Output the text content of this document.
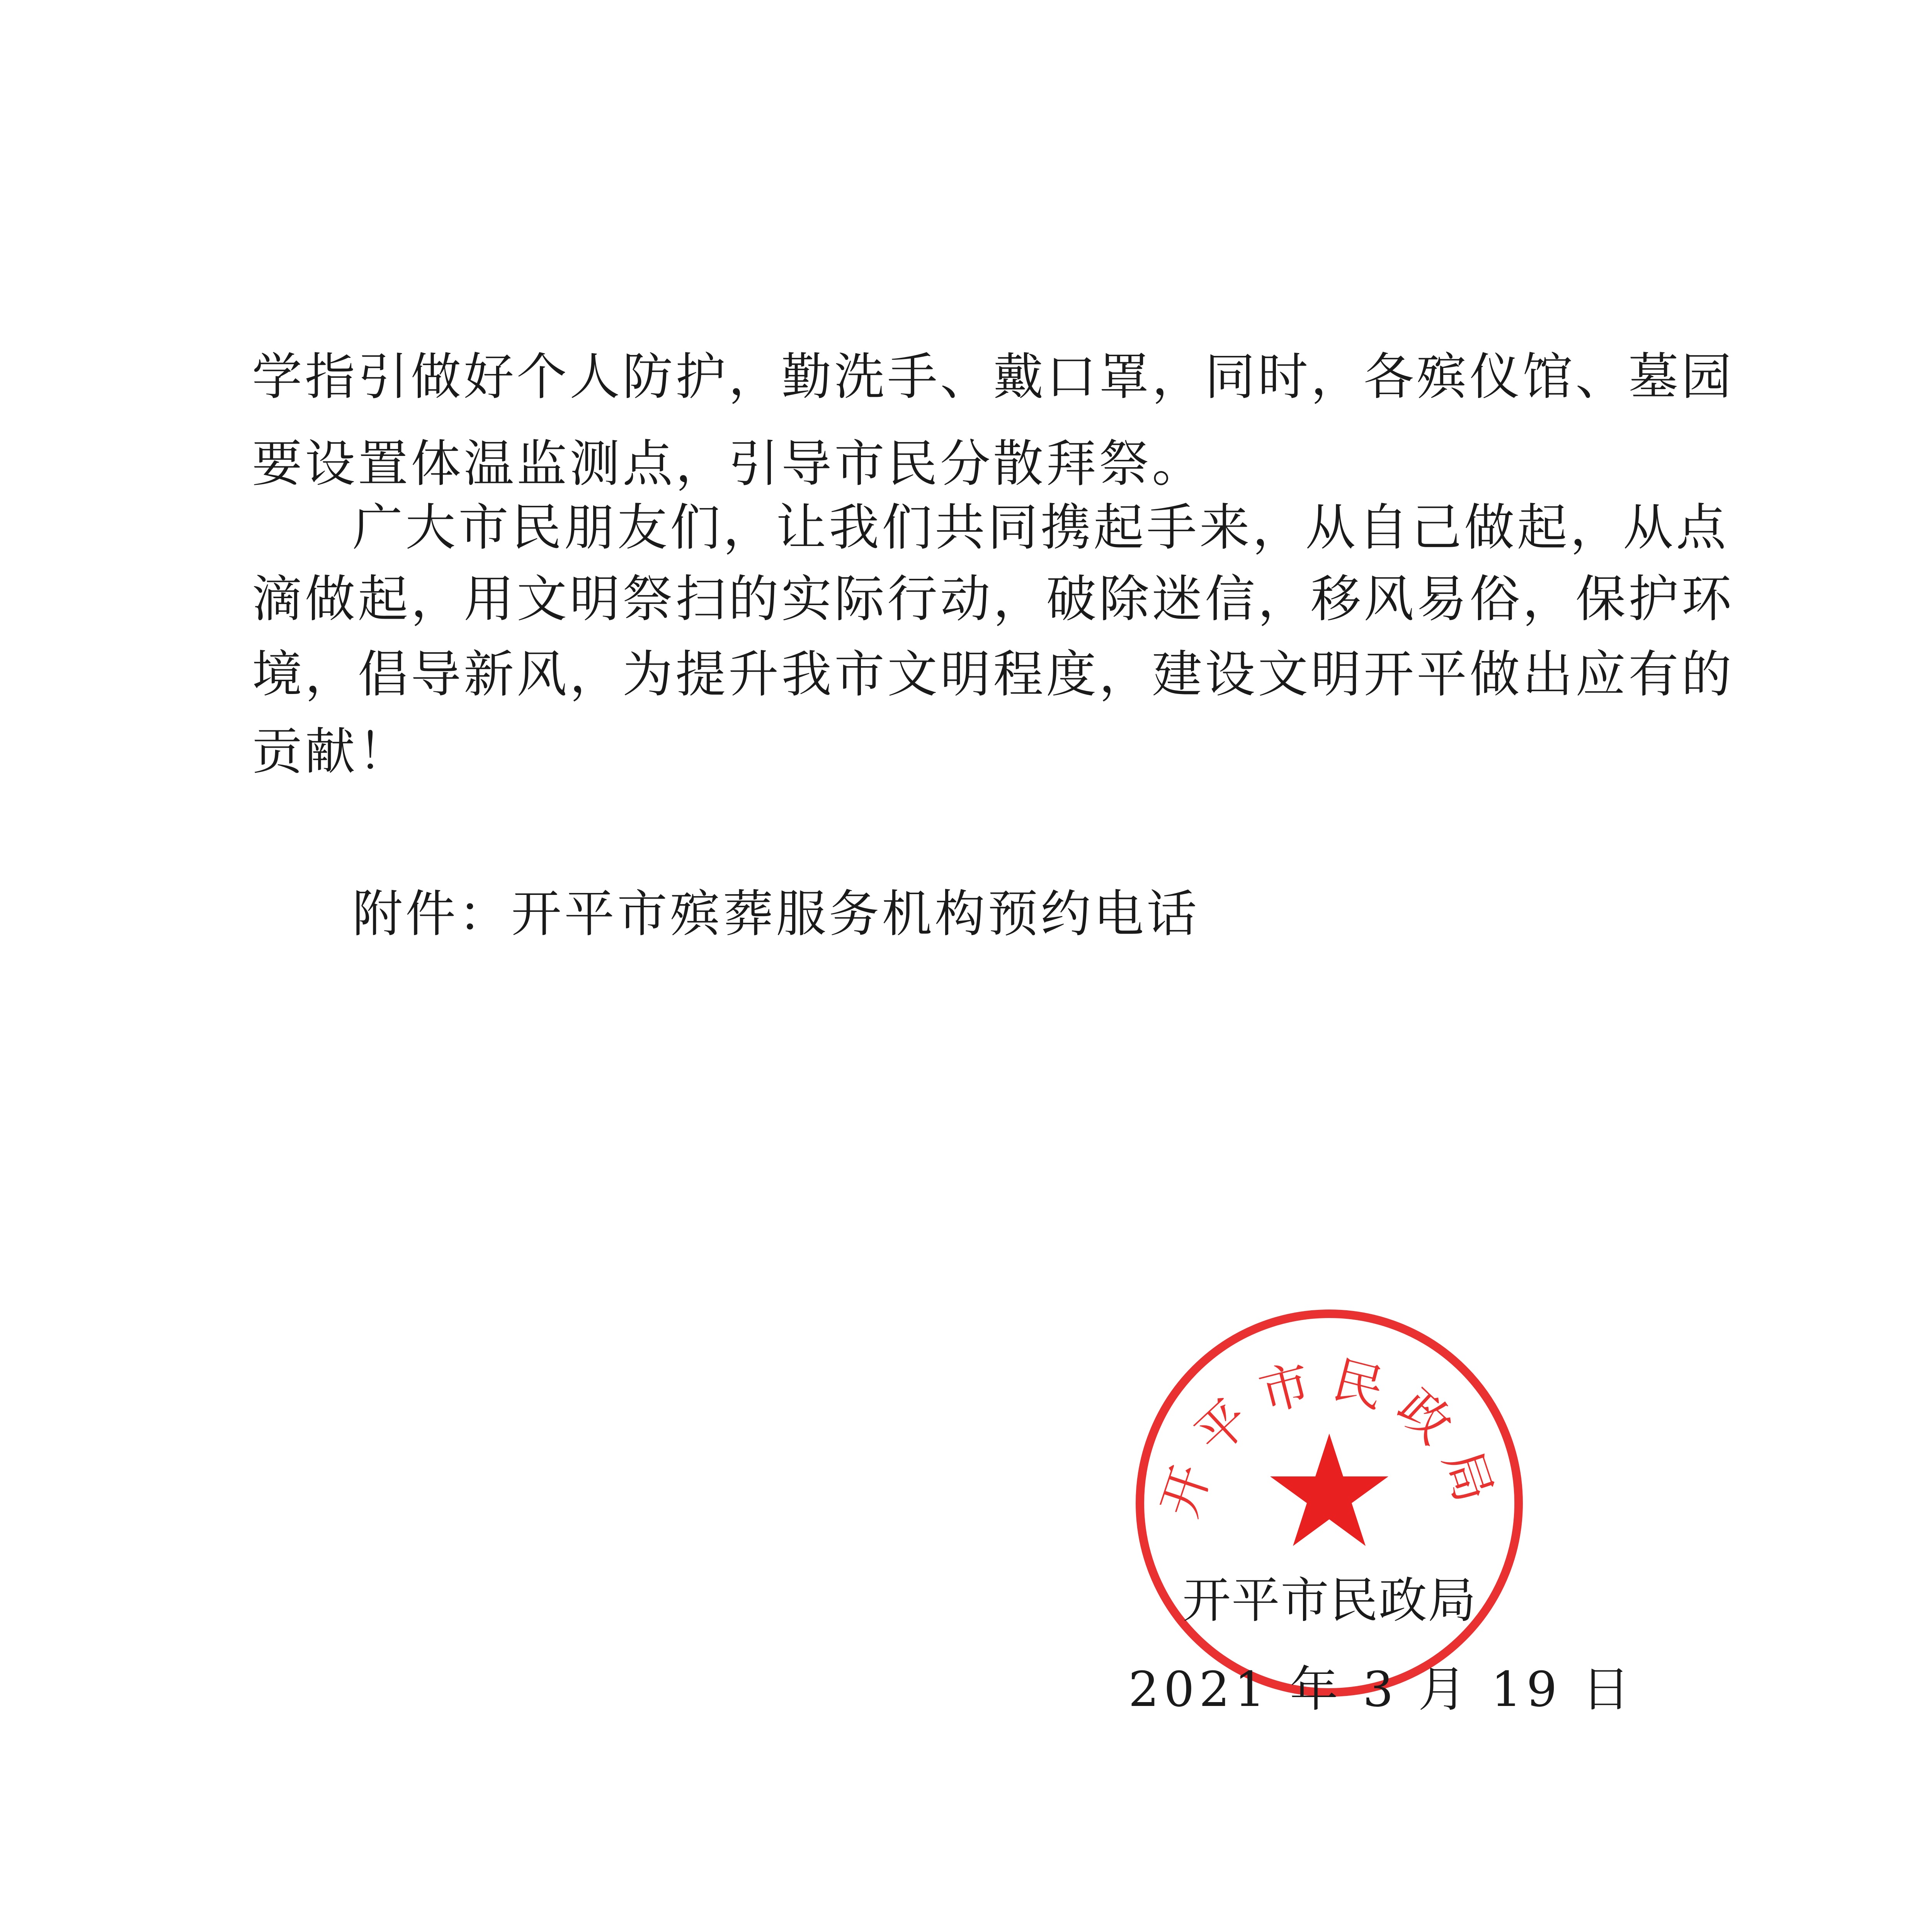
学指引做好个人防护，勤洗手、戴口罩，同时，各殡仪馆、墓园
要设置体温监测点，引导市民分散拜祭。
广大市民朋友们，让我们共同携起手来，从自己做起，从点
滴做起，用文明祭扫的实际行动，破除迷信，移风易俗，保护环
境，倡导新风，为提升我市文明程度，建设文明开平做出应有的
贡献！
附件：开平市殡葬服务机构预约电话
开平市民政局
开平市民政局
2021 年 3 月 19 日
